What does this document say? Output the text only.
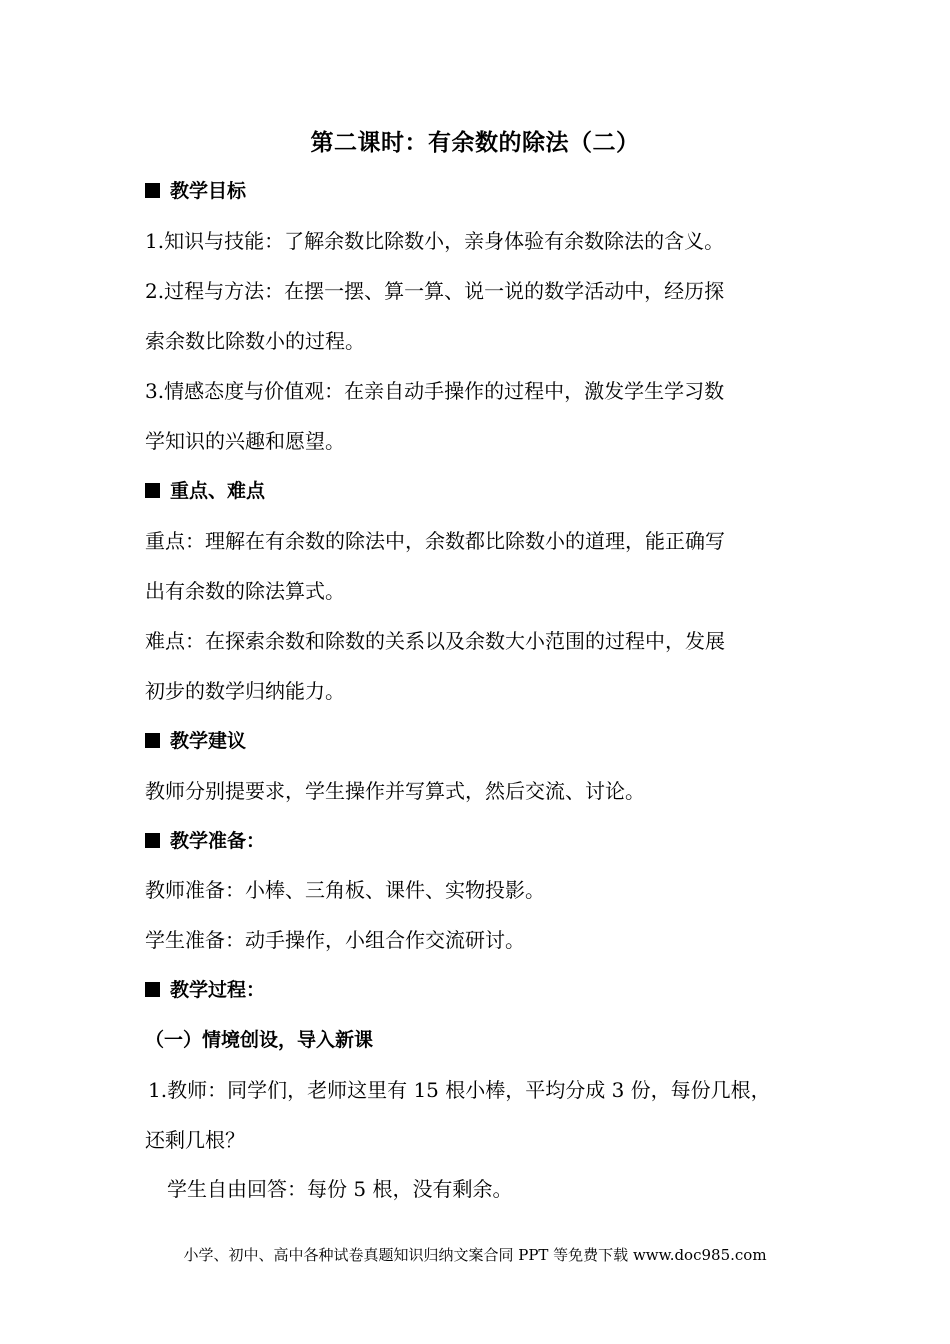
第二课时：有余数的除法（二）
教学目标
1.知识与技能：了解余数比除数小，亲身体验有余数除法的含义。
2.过程与方法：在摆一摆、算一算、说一说的数学活动中，经历探
索余数比除数小的过程。
3.情感态度与价值观：在亲自动手操作的过程中，激发学生学习数
学知识的兴趣和愿望。
重点、难点
重点：理解在有余数的除法中，余数都比除数小的道理，能正确写
出有余数的除法算式。
难点：在探索余数和除数的关系以及余数大小范围的过程中，发展
初步的数学归纳能力。
教学建议
教师分别提要求，学生操作并写算式，然后交流、讨论。
教学准备：
教师准备：小棒、三角板、课件、实物投影。
学生准备：动手操作，小组合作交流研讨。
教学过程：
（一）情境创设，导入新课
1.教师：同学们，老师这里有 15 根小棒，平均分成 3 份，每份几根，
还剩几根？
学生自由回答：每份 5 根，没有剩余。
小学、初中、高中各种试卷真题知识归纳文案合同 PPT 等免费下载 www.doc985.com
